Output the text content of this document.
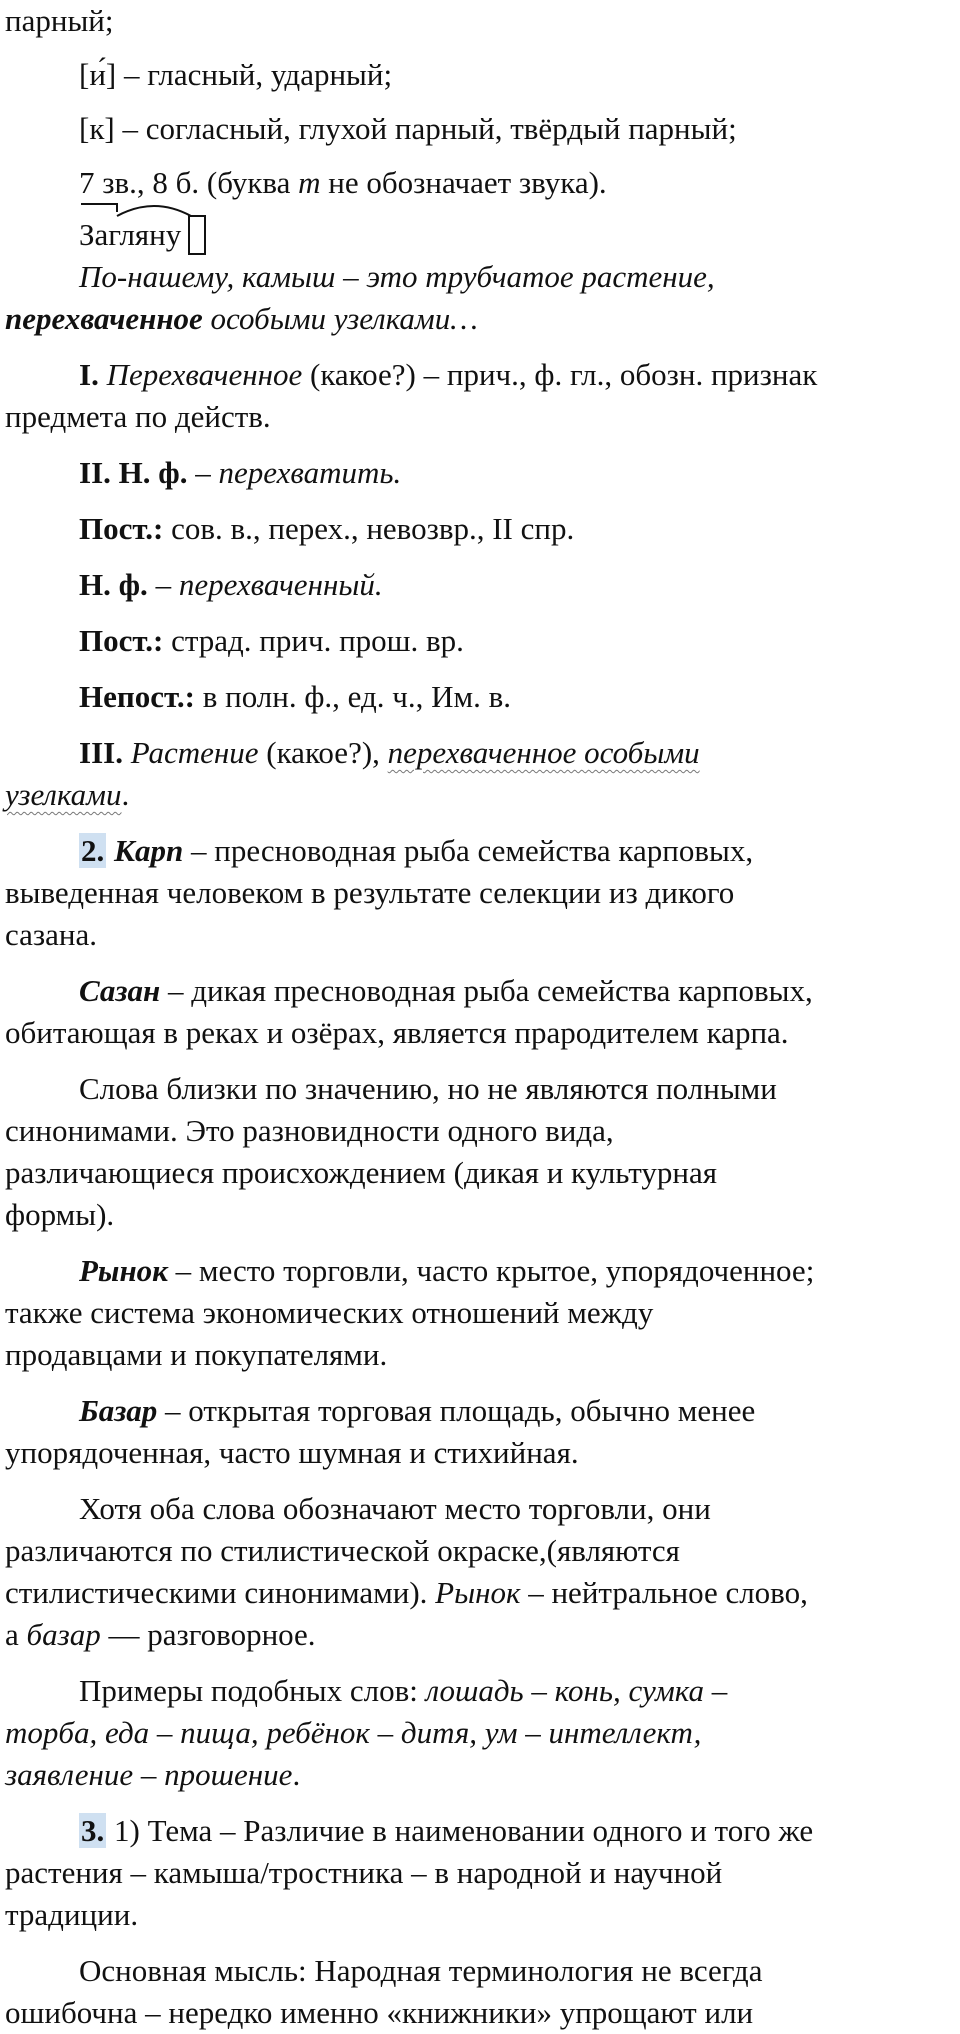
парный;
[и́] – гласный, ударный;
[к] – согласный, глухой парный, твёрдый парный;
7 зв., 8 б. (буква т не обозначает звука).
Загляну
По-нашему, камыш – это трубчатое растение,
перехваченное особыми узелками…
I. Перехваченное (какое?) – прич., ф. гл., обозн. признак
предмета по действ.
II. Н. ф. – перехватить.
Пост.: сов. в., перех., невозвр., II спр.
Н. ф. – перехваченный.
Пост.: страд. прич. прош. вр.
Непост.: в полн. ф., ед. ч., Им. в.
III. Растение (какое?), перехваченное особыми
узелками.
2. Карп – пресноводная рыба семейства карповых,
выведенная человеком в результате селекции из дикого
сазана.
Сазан – дикая пресноводная рыба семейства карповых,
обитающая в реках и озёрах, является прародителем карпа.
Слова близки по значению, но не являются полными
синонимами. Это разновидности одного вида,
различающиеся происхождением (дикая и культурная
формы).
Рынок – место торговли, часто крытое, упорядоченное;
также система экономических отношений между
продавцами и покупателями.
Базар – открытая торговая площадь, обычно менее
упорядоченная, часто шумная и стихийная.
Хотя оба слова обозначают место торговли, они
различаются по стилистической окраске,(являются
стилистическими синонимами). Рынок – нейтральное слово,
а базар — разговорное.
Примеры подобных слов: лошадь – конь, сумка –
торба, еда – пища, ребёнок – дитя, ум – интеллект,
заявление – прошение.
3. 1) Тема – Различие в наименовании одного и того же
растения – камыша/тростника – в народной и научной
традиции.
Основная мысль: Народная терминология не всегда
ошибочна – нередко именно «книжники» упрощают или
